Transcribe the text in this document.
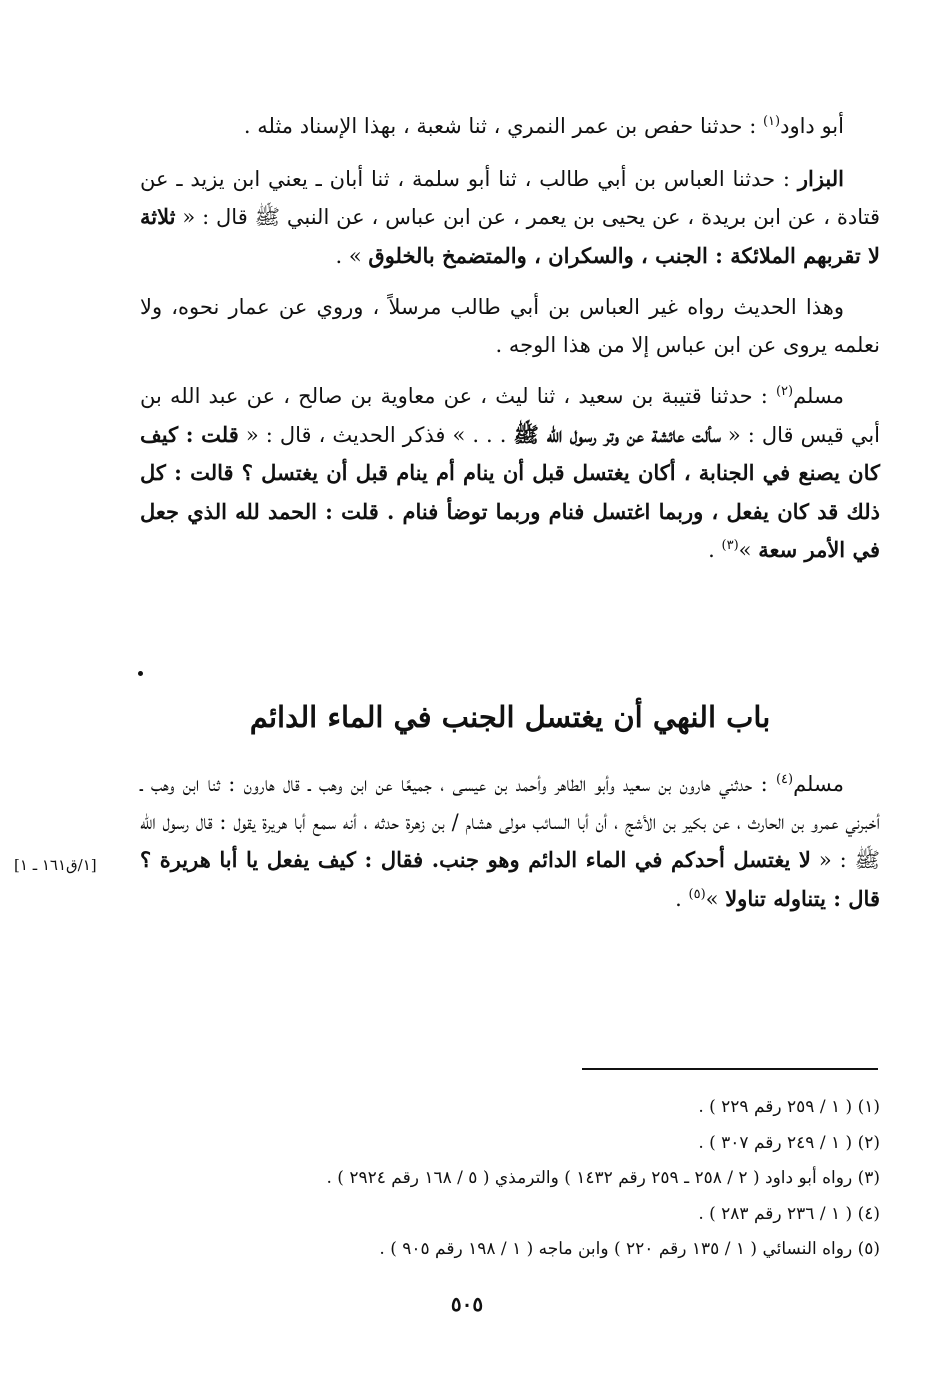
أبو داود$^{(١)}$ : حدثنا حفص بن عمر النمري ، ثنا شعبة ، بهذا الإسناد مثله .

البزار : حدثنا العباس بن أبي طالب ، ثنا أبو سلمة ، ثنا أبان ـ يعني ابن يزيد ـ عن قتادة ، عن ابن بريدة ، عن يحيى بن يعمر ، عن ابن عباس ، عن النبي ﷺ قال : « ثلاثة لا تقربهم الملائكة : الجنب ، والسكران ، والمتضمخ بالخلوق » .

وهذا الحديث رواه غير العباس بن أبي طالب مرسلاً ، وروي عن عمار نحوه، ولا نعلمه يروى عن ابن عباس إلا من هذا الوجه .

مسلم$^{(٢)}$ : حدثنا قتيبة بن سعيد ، ثنا ليث ، عن معاوية بن صالح ، عن عبد الله بن أبي قيس قال : « سألت عائشة عن وتر رسول الله ﷺ . . . » فذكر الحديث ، قال : « قلت : كيف كان يصنع في الجنابة ، أكان يغتسل قبل أن ينام أم ينام قبل أن يغتسل ؟ قالت : كل ذلك قد كان يفعل ، وربما اغتسل فنام وربما توضأ فنام . قلت : الحمد لله الذي جعل في الأمر سعة »$^{(٣)}$ .

باب النهي أن يغتسل الجنب في الماء الدائم

مسلم$^{(٤)}$ : حدثني هارون بن سعيد وأبو الطاهر وأحمد بن عيسى ، جميعًا عن ابن وهب ـ قال هارون : ثنا ابن وهب ـ أخبرني عمرو بن الحارث ، عن بكير بن الأشج ، أن أبا السائب مولى هشام / بن زهرة حدثه ، أنه سمع أبا هريرة يقول : قال رسول الله ﷺ : « لا يغتسل أحدكم في الماء الدائم وهو جنب. فقال : كيف يفعل يا أبا هريرة ؟ قال : يتناوله تناولا »$^{(٥)}$ .

[١/ق١٦١ ـ ١]
(١) ( ١ / ٢٥٩ رقم ٢٢٩ ) .
(٢) ( ١ / ٢٤٩ رقم ٣٠٧ ) .
(٣) رواه أبو داود ( ٢ / ٢٥٨ ـ ٢٥٩ رقم ١٤٣٢ ) والترمذي ( ٥ / ١٦٨ رقم ٢٩٢٤ ) .
(٤) ( ١ / ٢٣٦ رقم ٢٨٣ ) .
(٥) رواه النسائي ( ١ / ١٣٥ رقم ٢٢٠ ) وابن ماجه ( ١ / ١٩٨ رقم ٩٠٥ ) .
٥٠٥
